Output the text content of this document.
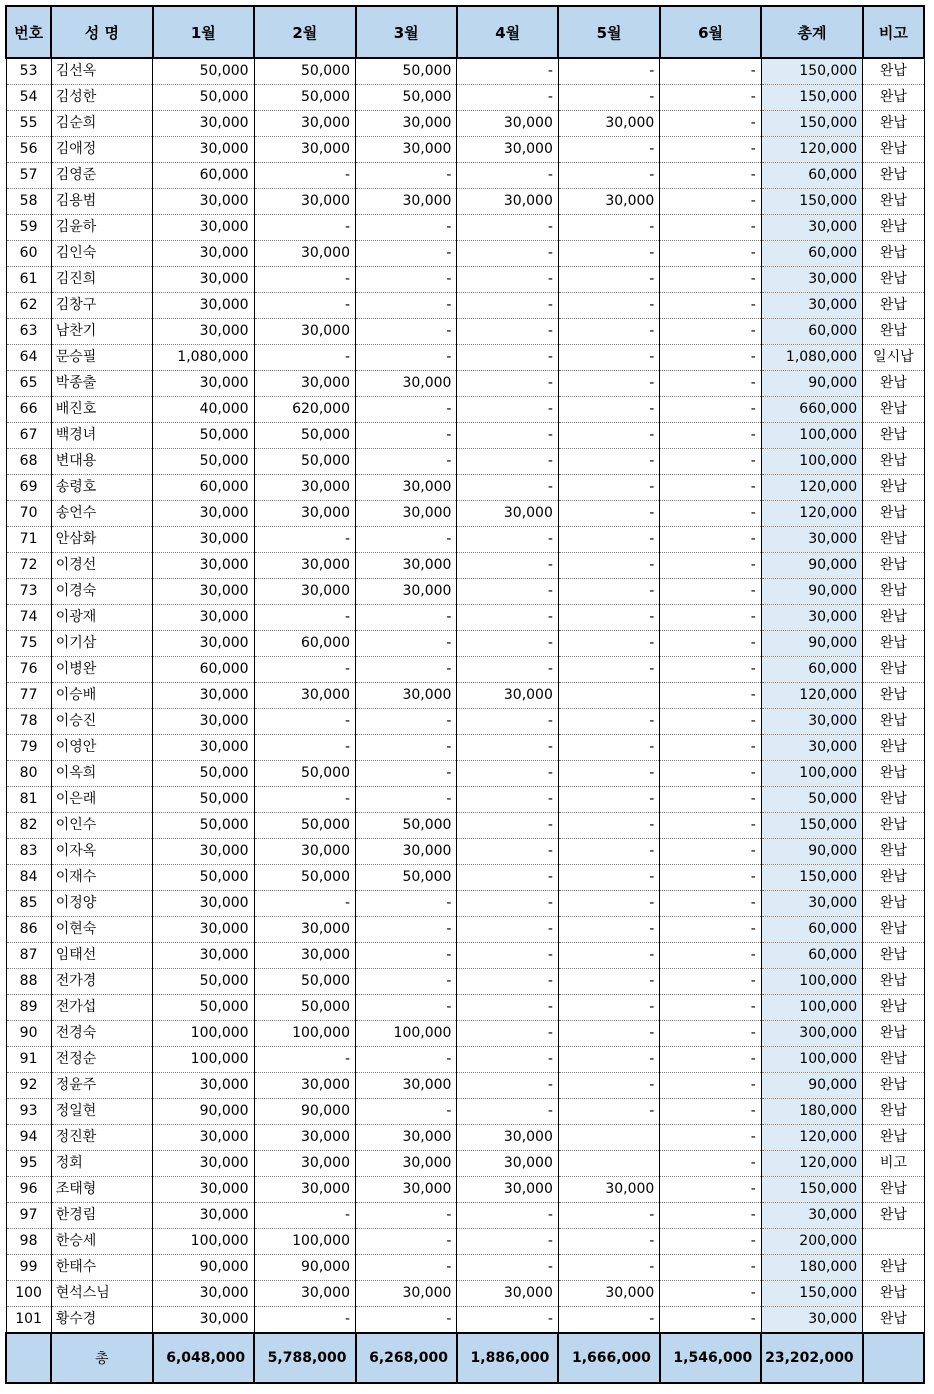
번호	성 명	1월	2월	3월	4월	5월	6월	총계	비고
53	김선옥	50,000	50,000	50,000	-	-	-	150,000	완납
54	김성한	50,000	50,000	50,000	-	-	-	150,000	완납
55	김순희	30,000	30,000	30,000	30,000	30,000	-	150,000	완납
56	김애정	30,000	30,000	30,000	30,000	-	-	120,000	완납
57	김영준	60,000	-	-	-	-	-	60,000	완납
58	김용범	30,000	30,000	30,000	30,000	30,000	-	150,000	완납
59	김윤하	30,000	-	-	-	-	-	30,000	완납
60	김인숙	30,000	30,000	-	-	-	-	60,000	완납
61	김진희	30,000	-	-	-	-	-	30,000	완납
62	김창구	30,000	-	-	-	-	-	30,000	완납
63	남찬기	30,000	30,000	-	-	-	-	60,000	완납
64	문승필	1,080,000	-	-	-	-	-	1,080,000	일시납
65	박종출	30,000	30,000	30,000	-	-	-	90,000	완납
66	배진호	40,000	620,000	-	-	-	-	660,000	완납
67	백경녀	50,000	50,000	-	-	-	-	100,000	완납
68	변대용	50,000	50,000	-	-	-	-	100,000	완납
69	송령호	60,000	30,000	30,000	-	-	-	120,000	완납
70	송언수	30,000	30,000	30,000	30,000	-	-	120,000	완납
71	안삼화	30,000	-	-	-	-	-	30,000	완납
72	이경선	30,000	30,000	30,000	-	-	-	90,000	완납
73	이경숙	30,000	30,000	30,000	-	-	-	90,000	완납
74	이광재	30,000	-	-	-	-	-	30,000	완납
75	이기삼	30,000	60,000	-	-	-	-	90,000	완납
76	이병완	60,000	-	-	-	-	-	60,000	완납
77	이승배	30,000	30,000	30,000	30,000		-	120,000	완납
78	이승진	30,000	-	-	-	-	-	30,000	완납
79	이영안	30,000	-	-	-	-	-	30,000	완납
80	이옥희	50,000	50,000	-	-	-	-	100,000	완납
81	이은래	50,000	-	-	-	-	-	50,000	완납
82	이인수	50,000	50,000	50,000	-	-	-	150,000	완납
83	이자옥	30,000	30,000	30,000	-	-	-	90,000	완납
84	이재수	50,000	50,000	50,000	-	-	-	150,000	완납
85	이정양	30,000	-	-	-	-	-	30,000	완납
86	이현숙	30,000	30,000	-	-	-	-	60,000	완납
87	임태선	30,000	30,000	-	-	-	-	60,000	완납
88	전가경	50,000	50,000	-	-	-	-	100,000	완납
89	전가섭	50,000	50,000	-	-	-	-	100,000	완납
90	전경숙	100,000	100,000	100,000	-	-	-	300,000	완납
91	전정순	100,000	-	-	-	-	-	100,000	완납
92	정윤주	30,000	30,000	30,000	-	-	-	90,000	완납
93	정일현	90,000	90,000	-	-	-	-	180,000	완납
94	정진환	30,000	30,000	30,000	30,000		-	120,000	완납
95	정회	30,000	30,000	30,000	30,000		-	120,000	비고
96	조태형	30,000	30,000	30,000	30,000	30,000	-	150,000	완납
97	한경림	30,000	-	-	-	-	-	30,000	완납
98	한승세	100,000	100,000	-	-	-	-	200,000	
99	한태수	90,000	90,000	-	-	-	-	180,000	완납
100	현석스님	30,000	30,000	30,000	30,000	30,000	-	150,000	완납
101	황수경	30,000	-	-	-	-	-	30,000	완납
	총	6,048,000	5,788,000	6,268,000	1,886,000	1,666,000	1,546,000	23,202,000	
